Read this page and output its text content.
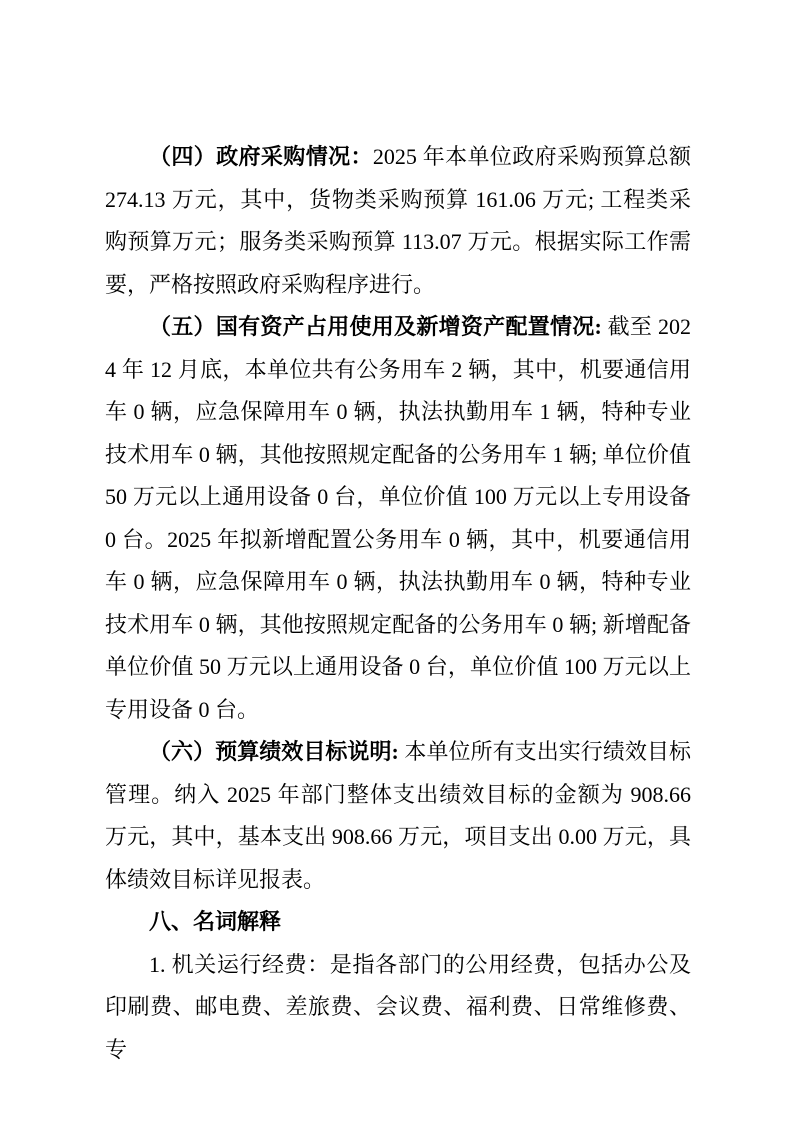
（四）政府采购情况：2025 年本单位政府采购预算总额 274.13 万元，其中，货物类采购预算 161.06 万元; 工程类采购预算万元；服务类采购预算 113.07 万元。根据实际工作需要，严格按照政府采购程序进行。

（五）国有资产占用使用及新增资产配置情况: 截至 2024 年 12 月底，本单位共有公务用车 2 辆，其中，机要通信用车 0 辆，应急保障用车 0 辆，执法执勤用车 1 辆，特种专业技术用车 0 辆，其他按照规定配备的公务用车 1 辆; 单位价值 50 万元以上通用设备 0 台，单位价值 100 万元以上专用设备 0 台。2025 年拟新增配置公务用车 0 辆，其中，机要通信用车 0 辆，应急保障用车 0 辆，执法执勤用车 0 辆，特种专业技术用车 0 辆，其他按照规定配备的公务用车 0 辆; 新增配备单位价值 50 万元以上通用设备 0 台，单位价值 100 万元以上专用设备 0 台。

（六）预算绩效目标说明: 本单位所有支出实行绩效目标管理。纳入 2025 年部门整体支出绩效目标的金额为 908.66 万元，其中，基本支出 908.66 万元，项目支出 0.00 万元，具体绩效目标详见报表。

八、名词解释

1. 机关运行经费：是指各部门的公用经费，包括办公及印刷费、邮电费、差旅费、会议费、福利费、日常维修费、专
